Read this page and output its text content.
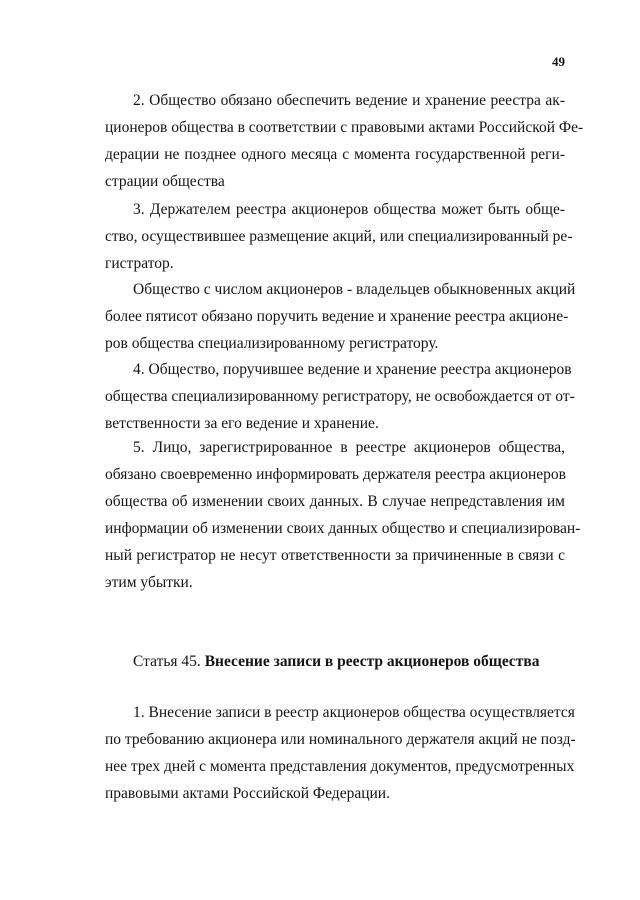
49
2. Общество обязано обеспечить ведение и хранение реестра ак-
ционеров общества в соответствии с правовыми актами Российской Фе-
дерации не позднее одного месяца с момента государственной реги-
страции общества
3. Держателем реестра акционеров общества может быть обще-
ство, осуществившее размещение акций, или специализированный ре-
гистратор.
Общество с числом акционеров - владельцев обыкновенных акций
более пятисот обязано поручить ведение и хранение реестра акционе-
ров общества специализированному регистратору.
4. Общество, поручившее ведение и хранение реестра акционеров
общества специализированному регистратору, не освобождается от от-
ветственности за его ведение и хранение.
5. Лицо, зарегистрированное в реестре акционеров общества,
обязано своевременно информировать держателя реестра акционеров
общества об изменении своих данных. В случае непредставления им
информации об изменении своих данных общество и специализирован-
ный регистратор не несут ответственности за причиненные в связи с
этим убытки.
Статья 45. Внесение записи в реестр акционеров общества
1. Внесение записи в реестр акционеров общества осуществляется
по требованию акционера или номинального держателя акций не позд-
нее трех дней с момента представления документов, предусмотренных
правовыми актами Российской Федерации.
